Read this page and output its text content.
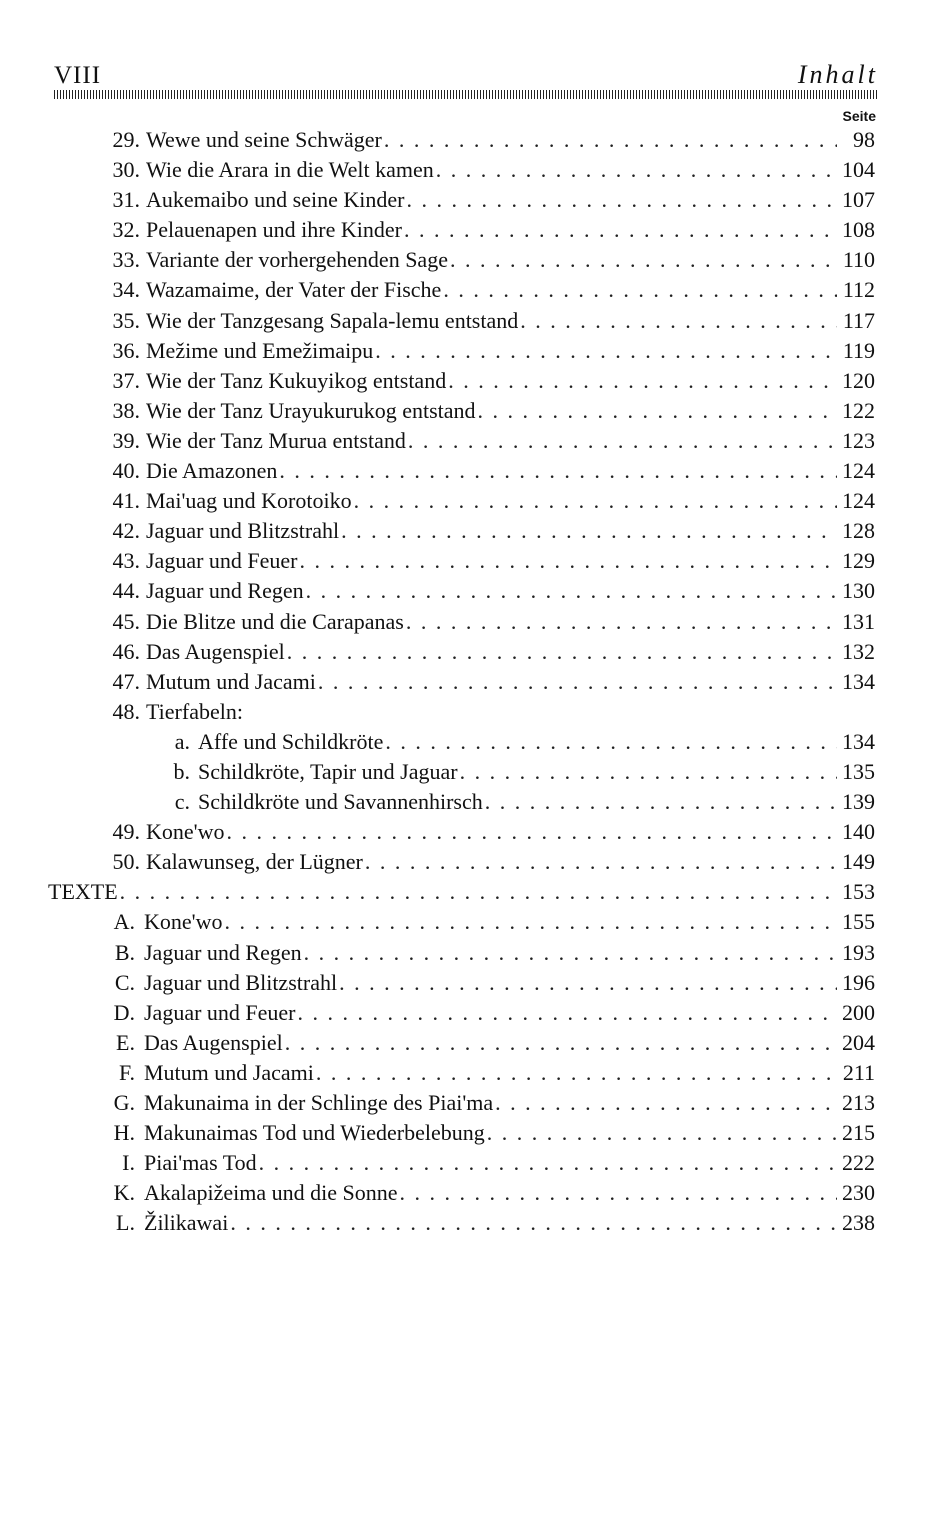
VIII	Inhalt
Seite
29. Wewe und seine Schwäger . . .	98
30. Wie die Arara in die Welt kamen . . .	104
31. Aukemaibo und seine Kinder . . .	107
32. Pelauenapen und ihre Kinder . . .	108
33. Variante der vorhergehenden Sage . . .	110
34. Wazamaime, der Vater der Fische . . .	112
35. Wie der Tanzgesang Sapala-lemu entstand . . .	117
36. Mežime und Emežimaipu . . .	119
37. Wie der Tanz Kukuyikog entstand . . .	120
38. Wie der Tanz Urayukurukog entstand . . .	122
39. Wie der Tanz Murua entstand . . .	123
40. Die Amazonen . . .	124
41. Mai'uag und Korotoiko . . .	124
42. Jaguar und Blitzstrahl . . .	128
43. Jaguar und Feuer . . .	129
44. Jaguar und Regen . . .	130
45. Die Blitze und die Carapanas . . .	131
46. Das Augenspiel . . .	132
47. Mutum und Jacami . . .	134
48. Tierfabeln:
a. Affe und Schildkröte . . .	134
b. Schildkröte, Tapir und Jaguar . . .	135
c. Schildkröte und Savannenhirsch . . .	139
49. Kone'wo . . .	140
50. Kalawunseg, der Lügner . . .	149
TEXTE . . .	153
A. Kone'wo . . .	155
B. Jaguar und Regen . . .	193
C. Jaguar und Blitzstrahl . . .	196
D. Jaguar und Feuer . . .	200
E. Das Augenspiel . . .	204
F. Mutum und Jacami . . .	211
G. Makunaima in der Schlinge des Piai'ma . . .	213
H. Makunaimas Tod und Wiederbelebung . . .	215
I. Piai'mas Tod . . .	222
K. Akalapižeima und die Sonne . . .	230
L. Žilikawai . . .	238
